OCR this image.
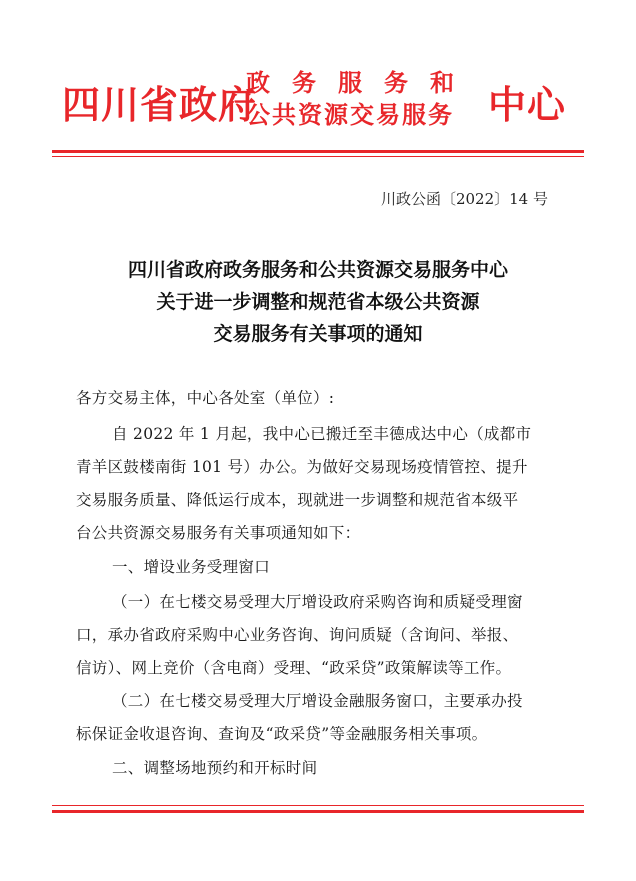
四川省政府
政务服务和
公共资源交易服务 中心
川政公函〔2022〕14 号
四川省政府政务服务和公共资源交易服务中心
关于进一步调整和规范省本级公共资源
交易服务有关事项的通知
各方交易主体，中心各处室（单位）:
自 2022 年 1 月起，我中心已搬迁至丰德成达中心（成都市
青羊区鼓楼南街 101 号）办公。为做好交易现场疫情管控、提升
交易服务质量、降低运行成本，现就进一步调整和规范省本级平
台公共资源交易服务有关事项通知如下：
一、增设业务受理窗口
（一）在七楼交易受理大厅增设政府采购咨询和质疑受理窗
口，承办省政府采购中心业务咨询、询问质疑（含询问、举报、
信访）、网上竞价（含电商）受理、“政采贷”政策解读等工作。
（二）在七楼交易受理大厅增设金融服务窗口，主要承办投
标保证金收退咨询、查询及“政采贷”等金融服务相关事项。
二、调整场地预约和开标时间
